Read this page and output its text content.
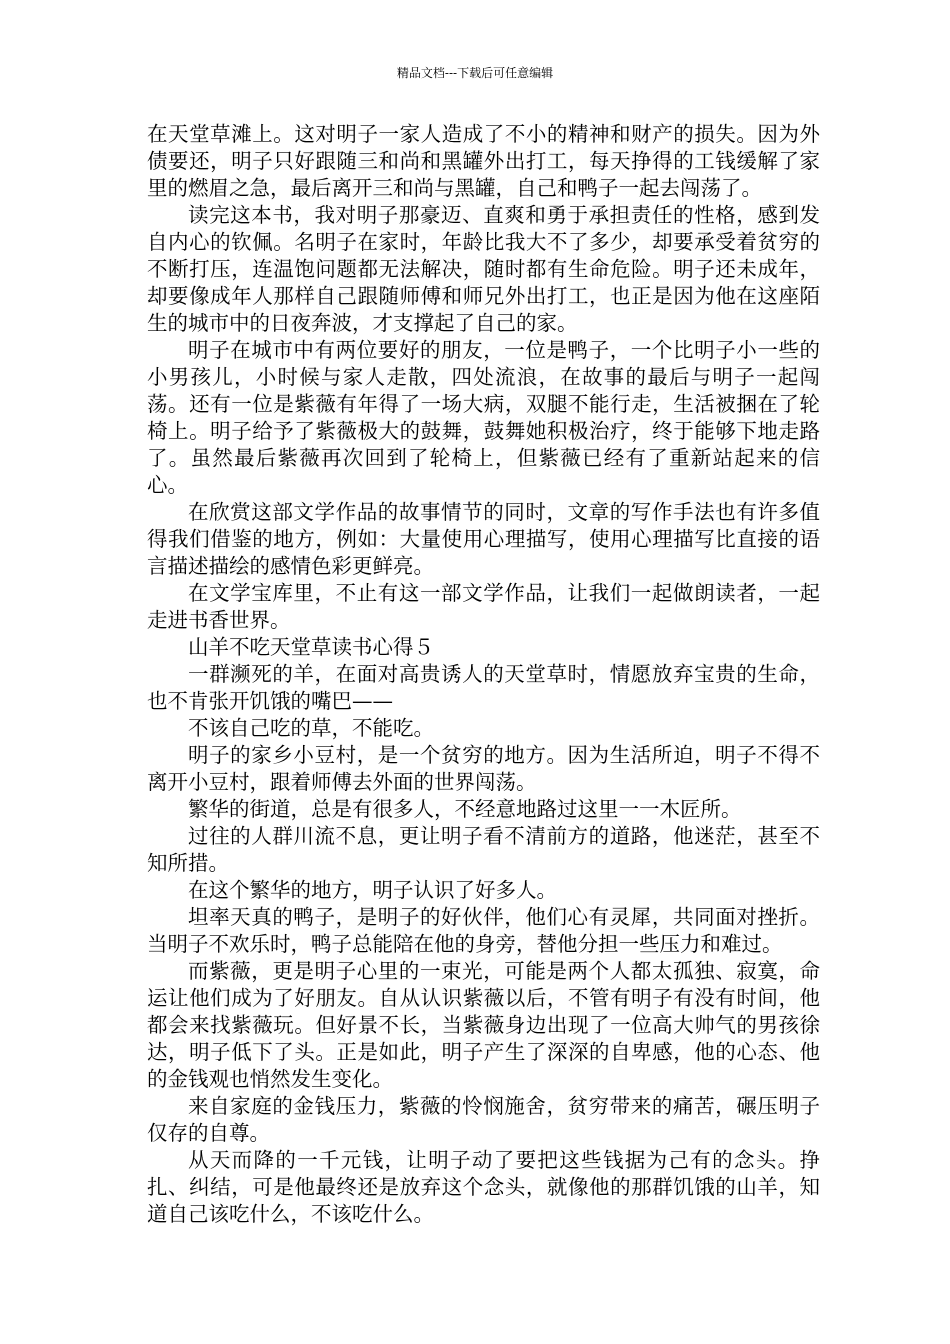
精品文档---下载后可任意编辑

在天堂草滩上。这对明子一家人造成了不小的精神和财产的损失。因为外债要还，明子只好跟随三和尚和黑罐外出打工，每天挣得的工钱缓解了家里的燃眉之急，最后离开三和尚与黑罐，自己和鸭子一起去闯荡了。

读完这本书，我对明子那豪迈、直爽和勇于承担责任的性格，感到发自内心的钦佩。名明子在家时，年龄比我大不了多少，却要承受着贫穷的不断打压，连温饱问题都无法解决，随时都有生命危险。明子还未成年，却要像成年人那样自己跟随师傅和师兄外出打工，也正是因为他在这座陌生的城市中的日夜奔波，才支撑起了自己的家。

明子在城市中有两位要好的朋友，一位是鸭子，一个比明子小一些的小男孩儿，小时候与家人走散，四处流浪，在故事的最后与明子一起闯荡。还有一位是紫薇有年得了一场大病，双腿不能行走，生活被捆在了轮椅上。明子给予了紫薇极大的鼓舞，鼓舞她积极治疗，终于能够下地走路了。虽然最后紫薇再次回到了轮椅上，但紫薇已经有了重新站起来的信心。

在欣赏这部文学作品的故事情节的同时，文章的写作手法也有许多值得我们借鉴的地方，例如：大量使用心理描写，使用心理描写比直接的语言描述描绘的感情色彩更鲜亮。

在文学宝库里，不止有这一部文学作品，让我们一起做朗读者，一起走进书香世界。

山羊不吃天堂草读书心得５

一群濒死的羊，在面对高贵诱人的天堂草时，情愿放弃宝贵的生命，也不肯张开饥饿的嘴巴——

不该自己吃的草，不能吃。

明子的家乡小豆村，是一个贫穷的地方。因为生活所迫，明子不得不离开小豆村，跟着师傅去外面的世界闯荡。

繁华的街道，总是有很多人，不经意地路过这里一一木匠所。

过往的人群川流不息，更让明子看不清前方的道路，他迷茫，甚至不知所措。

在这个繁华的地方，明子认识了好多人。

坦率天真的鸭子，是明子的好伙伴，他们心有灵犀，共同面对挫折。当明子不欢乐时，鸭子总能陪在他的身旁，替他分担一些压力和难过。

而紫薇，更是明子心里的一束光，可能是两个人都太孤独、寂寞，命运让他们成为了好朋友。自从认识紫薇以后，不管有明子有没有时间，他都会来找紫薇玩。但好景不长，当紫薇身边出现了一位高大帅气的男孩徐达，明子低下了头。正是如此，明子产生了深深的自卑感，他的心态、他的金钱观也悄然发生变化。

来自家庭的金钱压力，紫薇的怜悯施舍，贫穷带来的痛苦，碾压明子仅存的自尊。

从天而降的一千元钱，让明子动了要把这些钱据为己有的念头。挣扎、纠结，可是他最终还是放弃这个念头，就像他的那群饥饿的山羊，知道自己该吃什么，不该吃什么。
